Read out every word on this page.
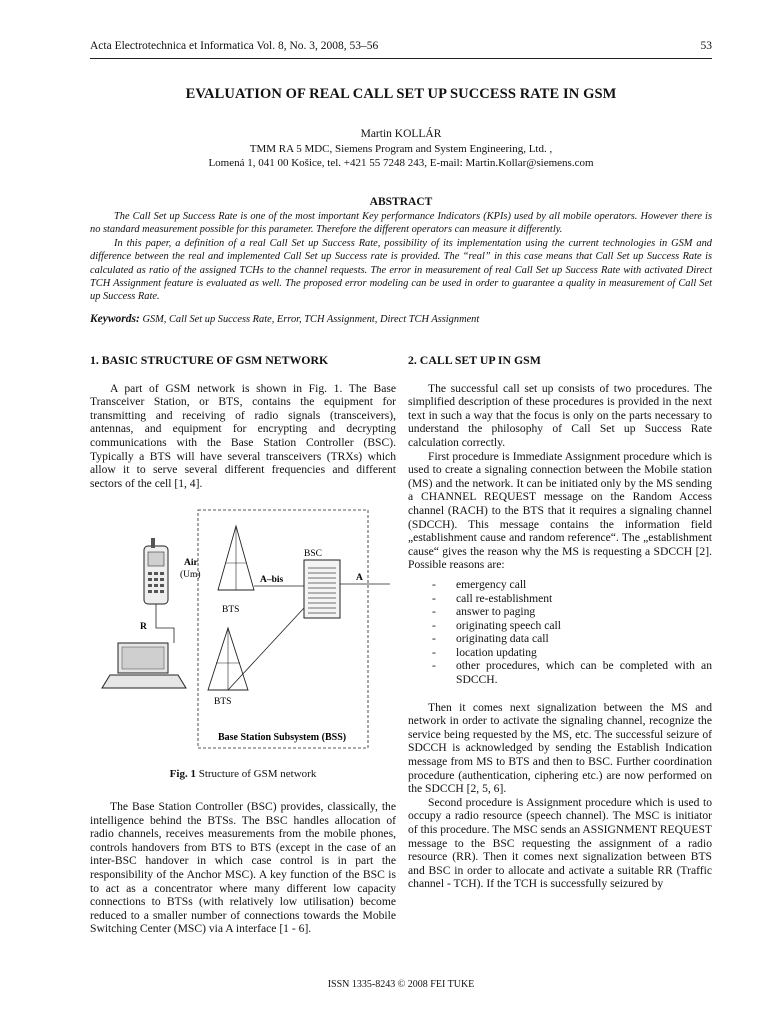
Acta Electrotechnica et Informatica Vol. 8, No. 3, 2008, 53–56	53
EVALUATION OF REAL CALL SET UP SUCCESS RATE IN GSM
Martin KOLLÁR
TMM RA 5 MDC, Siemens Program and System Engineering, Ltd. ,
Lomená 1, 041 00 Košice, tel. +421 55 7248 243, E-mail: Martin.Kollar@siemens.com
ABSTRACT

The Call Set up Success Rate is one of the most important Key performance Indicators (KPIs) used by all mobile operators. However there is no standard measurement possible for this parameter. Therefore the different operators can measure it differently.

In this paper, a definition of a real Call Set up Success Rate, possibility of its implementation using the current technologies in GSM and difference between the real and implemented Call Set up Success rate is provided. The “real” in this case means that Call Set up Success Rate is calculated as ratio of the assigned TCHs to the channel requests. The error in measurement of real Call Set up Success Rate with activated Direct TCH Assignment feature is evaluated as well. The proposed error modeling can be used in order to guarantee a quality in measurement of Call Set up Success Rate.

Keywords: GSM, Call Set up Success Rate, Error, TCH Assignment, Direct TCH Assignment
1. BASIC STRUCTURE OF GSM NETWORK

A part of GSM network is shown in Fig. 1. The Base Transceiver Station, or BTS, contains the equipment for transmitting and receiving of radio signals (transceivers), antennas, and equipment for encrypting and decrypting communications with the Base Station Controller (BSC). Typically a BTS will have several transceivers (TRXs) which allow it to serve several different frequencies and different sectors of the cell [1, 4].

Base Station Subsystem (BSS)
Air
(Um)
BTS
BTS
BSC
A–bis	A
R
Fig. 1 Structure of GSM network

The Base Station Controller (BSC) provides, classically, the intelligence behind the BTSs. The BSC handles allocation of radio channels, receives measurements from the mobile phones, controls handovers from BTS to BTS (except in the case of an inter-BSC handover in which case control is in part the responsibility of the Anchor MSC). A key function of the BSC is to act as a concentrator where many different low capacity connections to BTSs (with relatively low utilisation) become reduced to a smaller number of connections towards the Mobile Switching Center (MSC) via A interface [1 - 6].

2. CALL SET UP IN GSM

The successful call set up consists of two procedures. The simplified description of these procedures is provided in the next text in such a way that the focus is only on the parts necessary to understand the philosophy of Call Set up Success Rate calculation correctly.

First procedure is Immediate Assignment procedure which is used to create a signaling connection between the Mobile station (MS) and the network. It can be initiated only by the MS sending a CHANNEL REQUEST message on the Random Access channel (RACH) to the BTS that it requires a signaling channel (SDCCH). This message contains the information field „establishment cause and random reference“. The „establishment cause“ gives the reason why the MS is requesting a SDCCH [2]. Possible reasons are:

- emergency call
- call re-establishment
- answer to paging
- originating speech call
- originating data call
- location updating
- other procedures, which can be completed with an SDCCH.

Then it comes next signalization between the MS and network in order to activate the signaling channel, recognize the service being requested by the MS, etc. The successful seizure of SDCCH is acknowledged by sending the Establish Indication message from MS to BTS and then to BSC. Further coordination procedure (authentication, ciphering etc.) are now performed on the SDCCH [2, 5, 6].

Second procedure is Assignment procedure which is used to occupy a radio resource (speech channel). The MSC is initiator of this procedure. The MSC sends an ASSIGNMENT REQUEST message to the BSC requesting the assignment of a radio resource (RR). Then it comes next signalization between BTS and BSC in order to allocate and activate a suitable RR (Traffic channel - TCH). If the TCH is successfully seizured by

ISSN 1335-8243 © 2008 FEI TUKE
